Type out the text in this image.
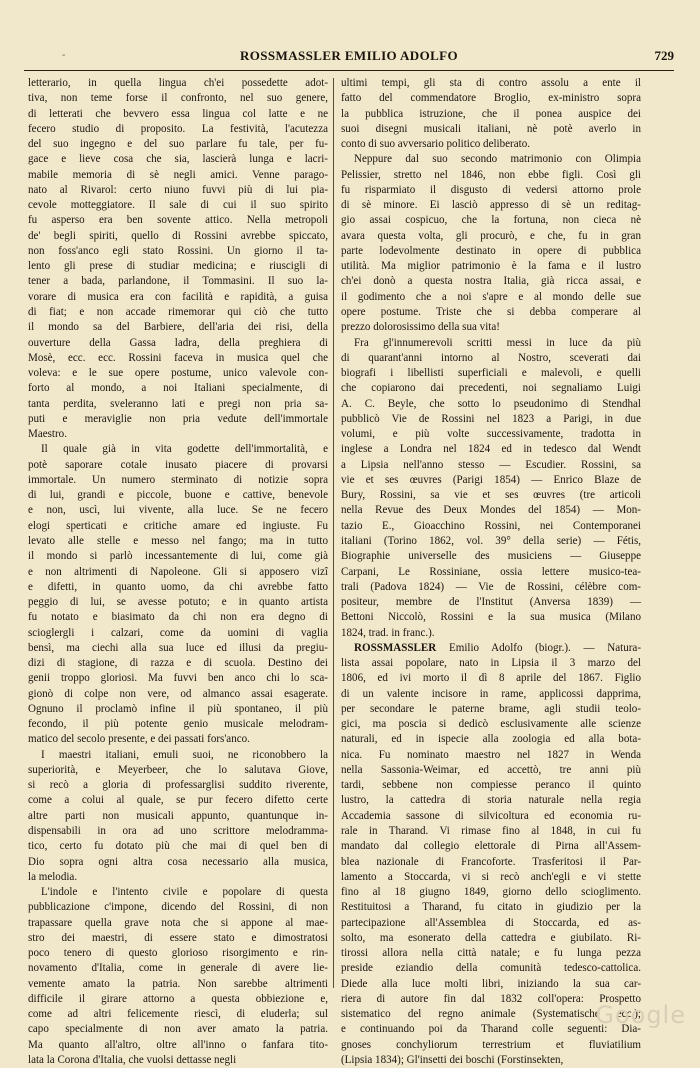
-	ROSSMASSLER EMILIO ADOLFO	729
letterario, in quella lingua ch'ei possedette adot-
tiva, non teme forse il confronto, nel suo genere,
di letterati che bevvero essa lingua col latte e ne
fecero studio di proposito. La festività, l'acutezza
del suo ingegno e del suo parlare fu tale, per fu-
gace e lieve cosa che sia, lascierà lunga e lacri-
mabile memoria di sè negli amici. Venne parago-
nato al Rivarol: certo niuno fuvvi più di lui pia-
cevole motteggiatore. Il sale di cui il suo spirito
fu asperso era ben sovente attico. Nella metropoli
de' begli spiriti, quello di Rossini avrebbe spiccato,
non foss'anco egli stato Rossini. Un giorno il ta-
lento gli prese di studiar medicina; e riuscigli di
tener a bada, parlandone, il Tommasini. Il suo la-
vorare di musica era con facilità e rapidità, a guisa
di fiat; e non accade rimemorar qui ciò che tutto
il mondo sa del Barbiere, dell'aria dei risi, della
ouverture della Gassa ladra, della preghiera di
Mosè, ecc. ecc. Rossini faceva in musica quel che
voleva: e le sue opere postume, unico valevole con-
forto al mondo, a noi Italiani specialmente, di
tanta perdita, sveleranno lati e pregi non pria sa-
puti e meraviglie non pria vedute dell'immortale
Maestro.
Il quale già in vita godette dell'immortalità, e
potè saporare cotale inusato piacere di provarsi
immortale. Un numero sterminato di notizie sopra
di lui, grandi e piccole, buone e cattive, benevole
e non, uscì, lui vivente, alla luce. Se ne fecero
elogi sperticati e critiche amare ed ingiuste. Fu
levato alle stelle e messo nel fango; ma in tutto
il mondo si parlò incessantemente di lui, come già
e non altrimenti di Napoleone. Gli si apposero vizî
e difetti, in quanto uomo, da chi avrebbe fatto
peggio di lui, se avesse potuto; e in quanto artista
fu notato e biasimato da chi non era degno di
scioglergli i calzari, come da uomini di vaglia
bensì, ma ciechi alla sua luce ed illusi da pregiu-
dizi di stagione, di razza e di scuola. Destino dei
genii troppo gloriosi. Ma fuvvi ben anco chi lo sca-
gionò di colpe non vere, od almanco assai esagerate.
Ognuno il proclamò infine il più spontaneo, il più
fecondo, il più potente genio musicale melodram-
matico del secolo presente, e dei passati fors'anco.
I maestri italiani, emuli suoi, ne riconobbero la
superiorità, e Meyerbeer, che lo salutava Giove,
si recò a gloria di professarglisi suddito riverente,
come a colui al quale, se pur fecero difetto certe
altre parti non musicali appunto, quantunque in-
dispensabili in ora ad uno scrittore melodramma-
tico, certo fu dotato più che mai di quel ben di
Dio sopra ogni altra cosa necessario alla musica,
la melodia.
L'indole e l'intento civile e popolare di questa
pubblicazione c'impone, dicendo del Rossini, di non
trapassare quella grave nota che si appone al mae-
stro dei maestri, di essere stato e dimostratosi
poco tenero di questo glorioso risorgimento e rin-
novamento d'Italia, come in generale di avere lie-
vemente amato la patria. Non sarebbe altrimenti
difficile il girare attorno a questa obbiezione e,
come ad altri felicemente riescì, di eluderla; sul
capo specialmente di non aver amato la patria.
Ma quanto all'altro, oltre all'inno o fanfara tito-
lata la Corona d'Italia, che vuolsi dettasse negli
ultimi tempi, gli sta di contro assolu a ente il
fatto del commendatore Broglio, ex-ministro sopra
la pubblica istruzione, che il ponea auspice dei
suoi disegni musicali italiani, nè potè averlo in
conto di suo avversario politico deliberato.
Neppure dal suo secondo matrimonio con Olimpia
Pelissier, stretto nel 1846, non ebbe figli. Così gli
fu risparmiato il disgusto di vedersi attorno prole
di sè minore. Ei lasciò appresso di sè un reditag-
gio assai cospicuo, che la fortuna, non cieca nè
avara questa volta, gli procurò, e che, fu in gran
parte lodevolmente destinato in opere di pubblica
utilità. Ma miglior patrimonio è la fama e il lustro
ch'ei donò a questa nostra Italia, già ricca assai, e
il godimento che a noi s'apre e al mondo delle sue
opere postume. Triste che si debba comperare al
prezzo dolorosissimo della sua vita!
Fra gl'innumerevoli scritti messi in luce da più
di quarant'anni intorno al Nostro, sceverati dai
biografi i libellisti superficiali e malevoli, e quelli
che copiarono dai precedenti, noi segnaliamo Luigi
A. C. Beyle, che sotto lo pseudonimo di Stendhal
pubblicò Vie de Rossini nel 1823 a Parigi, in due
volumi, e più volte successivamente, tradotta in
inglese a Londra nel 1824 ed in tedesco dal Wendt
a Lipsia nell'anno stesso — Escudier. Rossini, sa
vie et ses œuvres (Parigi 1854) — Enrico Blaze de
Bury, Rossini, sa vie et ses œuvres (tre articoli
nella Revue des Deux Mondes del 1854) — Mon-
tazio E., Gioacchino Rossini, nei Contemporanei
italiani (Torino 1862, vol. 39° della serie) — Fétis,
Biographie universelle des musiciens — Giuseppe
Carpani, Le Rossiniane, ossia lettere musico-tea-
trali (Padova 1824) — Vie de Rossini, célèbre com-
positeur, membre de l'Institut (Anversa 1839) —
Bettoni Niccolò, Rossini e la sua musica (Milano
1824, trad. in franc.).
ROSSMASSLER Emilio Adolfo (biogr.). — Natura-
lista assai popolare, nato in Lipsia il 3 marzo del
1806, ed ivi morto il dì 8 aprile del 1867. Figlio
di un valente incisore in rame, applicossi dapprima,
per secondare le paterne brame, agli studii teolo-
gici, ma poscia si dedicò esclusivamente alle scienze
naturali, ed in ispecie alla zoologia ed alla bota-
nica. Fu nominato maestro nel 1827 in Wenda
nella Sassonia-Weimar, ed accettò, tre anni più
tardi, sebbene non compiesse peranco il quinto
lustro, la cattedra di storia naturale nella regia
Accademia sassone di silvicoltura ed economia ru-
rale in Tharand. Vi rimase fino al 1848, in cui fu
mandato dal collegio elettorale di Pirna all'Assem-
blea nazionale di Francoforte. Trasferitosi il Par-
lamento a Stoccarda, vi si recò anch'egli e vi stette
fino al 18 giugno 1849, giorno dello scioglimento.
Restituitosi a Tharand, fu citato in giudizio per la
partecipazione all'Assemblea di Stoccarda, ed as-
solto, ma esonerato della cattedra e giubilato. Ri-
tirossi allora nella città natale; e fu lunga pezza
preside eziandio della comunità tedesco-cattolica.
Diede alla luce molti libri, iniziando la sua car-
riera di autore fin dal 1832 coll'opera: Prospetto
sistematico del regno animale (Systematische ecc.);
e continuando poi da Tharand colle seguenti: Dia-
gnoses conchyliorum terrestrium et fluviatilium
(Lipsia 1834); Gl'insetti dei boschi (Forstinsekten,
Google
